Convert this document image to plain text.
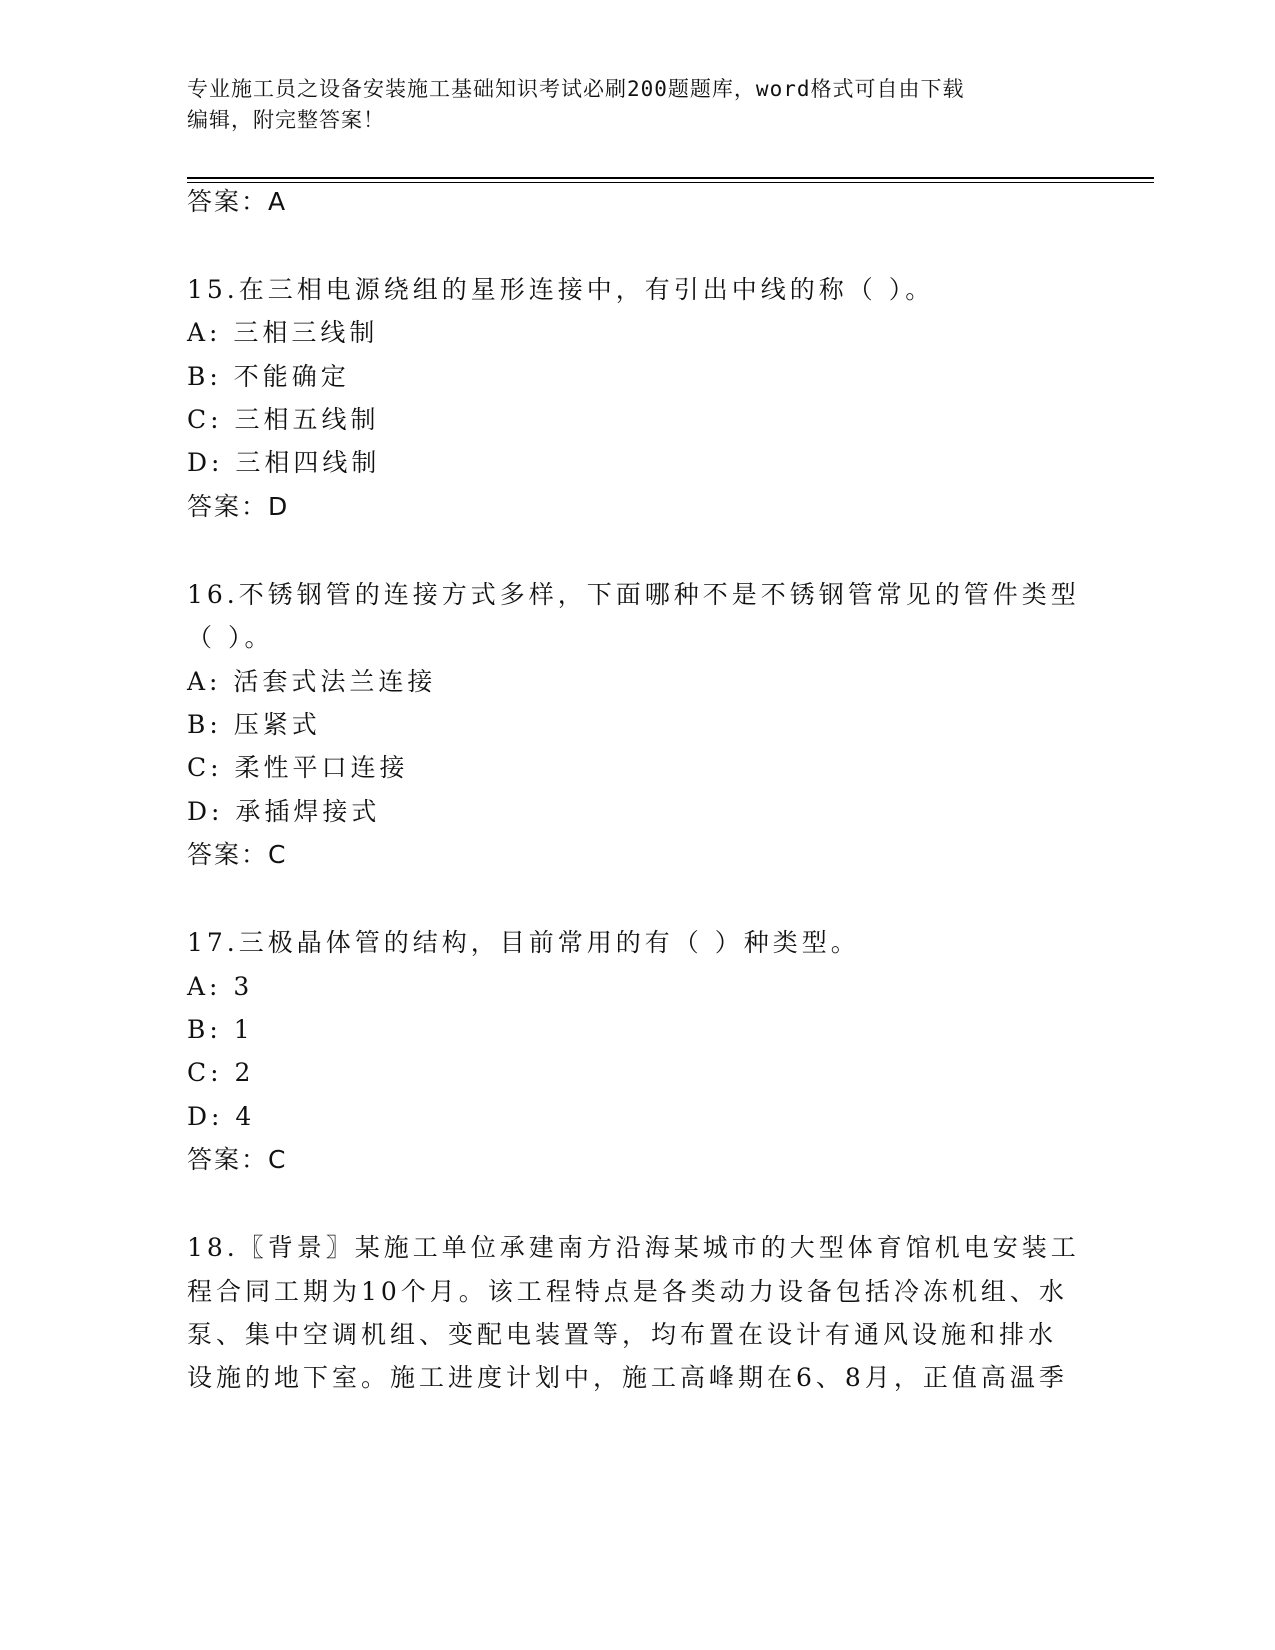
专业施工员之设备安装施工基础知识考试必刷200题题库，word格式可自由下载
编辑，附完整答案！
答案：A
15.在三相电源绕组的星形连接中，有引出中线的称（ ）。
A: 三相三线制
B: 不能确定
C: 三相五线制
D: 三相四线制
答案：D
16.不锈钢管的连接方式多样，下面哪种不是不锈钢管常见的管件类型
（ ）。
A: 活套式法兰连接
B: 压紧式
C: 柔性平口连接
D: 承插焊接式
答案：C
17.三极晶体管的结构，目前常用的有（ ）种类型。
A: 3
B: 1
C: 2
D: 4
答案：C
18.〖背景〗某施工单位承建南方沿海某城市的大型体育馆机电安装工
程合同工期为10个月。该工程特点是各类动力设备包括冷冻机组、水
泵、集中空调机组、变配电装置等，均布置在设计有通风设施和排水
设施的地下室。施工进度计划中，施工高峰期在6、8月，正值高温季
